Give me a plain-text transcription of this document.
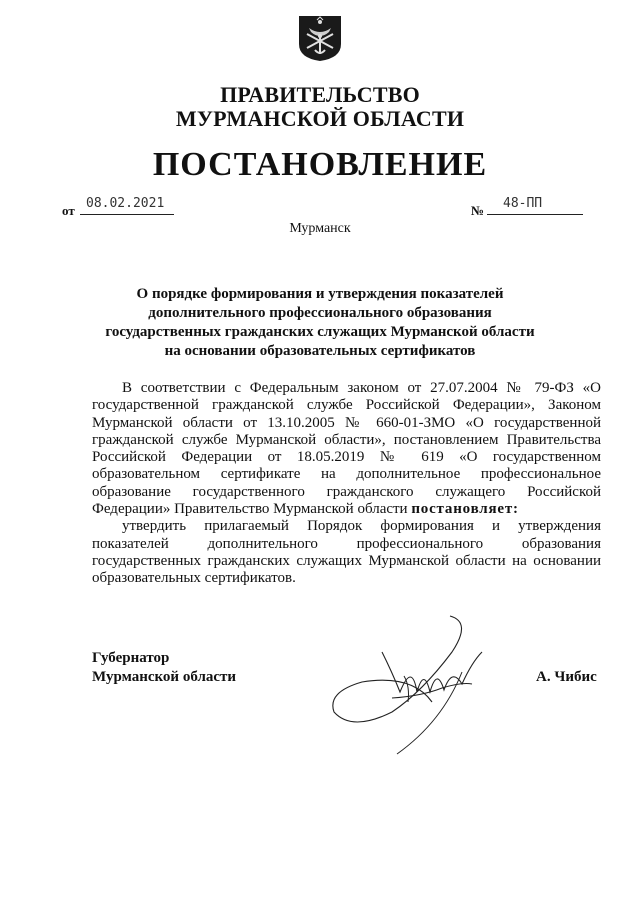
ПРАВИТЕЛЬСТВО
МУРМАНСКОЙ ОБЛАСТИ
ПОСТАНОВЛЕНИЕ
от 08.02.2021	№ 48-ПП
Мурманск
О порядке формирования и утверждения показателей
дополнительного профессионального образования
государственных гражданских служащих Мурманской области
на основании образовательных сертификатов

В соответствии с Федеральным законом от 27.07.2004 № 79-ФЗ «О государственной гражданской службе Российской Федерации», Законом Мурманской области от 13.10.2005 № 660-01-ЗМО «О государственной гражданской службе Мурманской области», постановлением Правительства Российской Федерации от 18.05.2019 № 619 «О государственном образовательном сертификате на дополнительное профессиональное образование государственного гражданского служащего Российской Федерации» Правительство Мурманской области постановляет:

утвердить прилагаемый Порядок формирования и утверждения показателей дополнительного профессионального образования государственных гражданских служащих Мурманской области на основании образовательных сертификатов.

Губернатор
Мурманской области	А. Чибис
